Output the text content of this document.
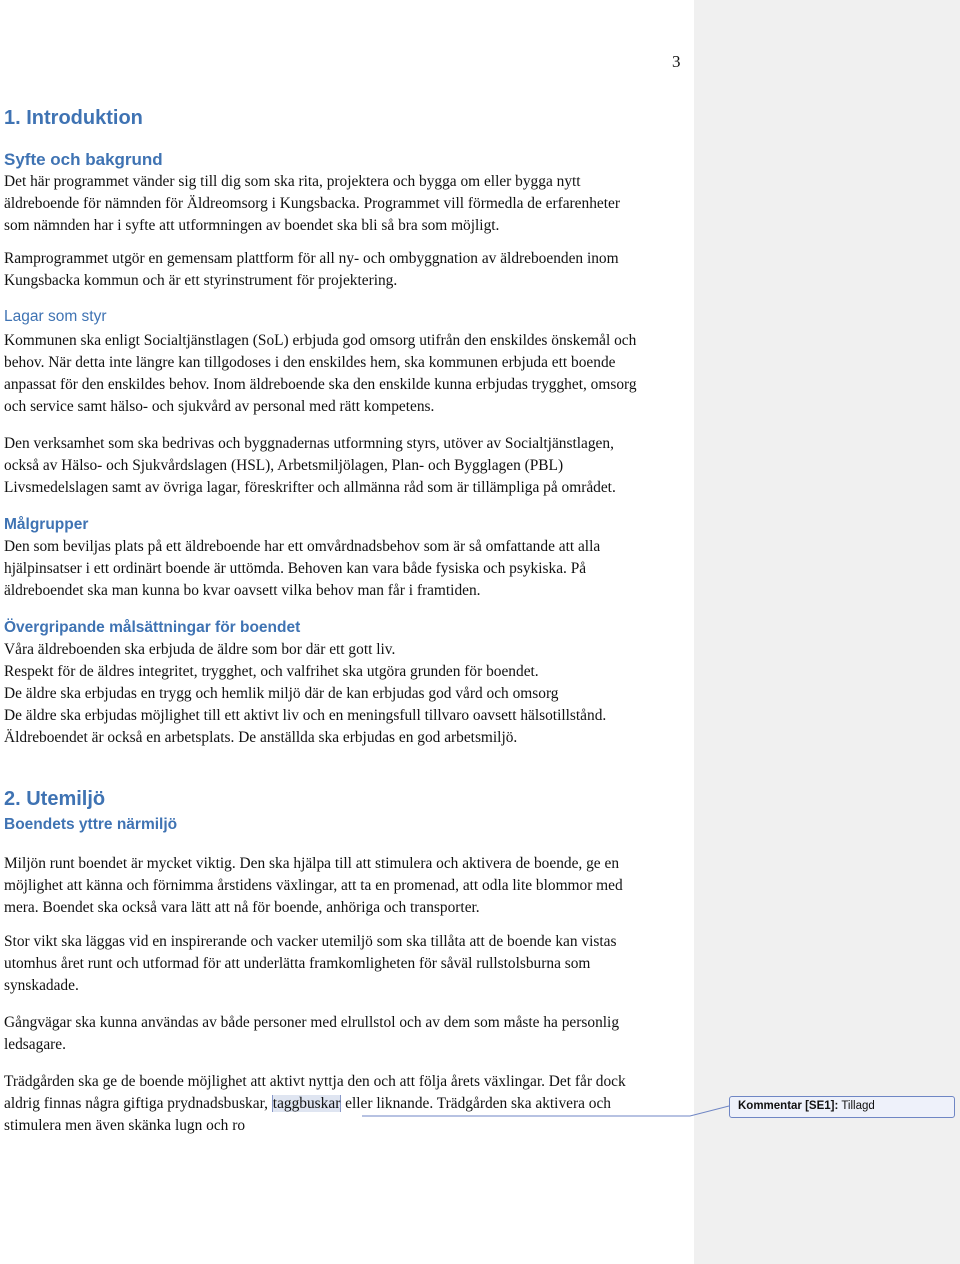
3
1. Introduktion
Syfte och bakgrund

Det här programmet vänder sig till dig som ska rita, projektera och bygga om eller bygga nytt
äldreboende för nämnden för Äldreomsorg i Kungsbacka. Programmet vill förmedla de erfarenheter
som nämnden har i syfte att utformningen av boendet ska bli så bra som möjligt.

Ramprogrammet utgör en gemensam plattform för all ny- och ombyggnation av äldreboenden inom
Kungsbacka kommun och är ett styrinstrument för projektering.

Lagar som styr

Kommunen ska enligt Socialtjänstlagen (SoL) erbjuda god omsorg utifrån den enskildes önskemål och
behov. När detta inte längre kan tillgodoses i den enskildes hem, ska kommunen erbjuda ett boende
anpassat för den enskildes behov. Inom äldreboende ska den enskilde kunna erbjudas trygghet, omsorg
och service samt hälso- och sjukvård av personal med rätt kompetens.

Den verksamhet som ska bedrivas och byggnadernas utformning styrs, utöver av Socialtjänstlagen,
också av Hälso- och Sjukvårdslagen (HSL), Arbetsmiljölagen, Plan- och Bygglagen (PBL)
Livsmedelslagen samt av övriga lagar, föreskrifter och allmänna råd som är tillämpliga på området.

Målgrupper

Den som beviljas plats på ett äldreboende har ett omvårdnadsbehov som är så omfattande att alla
hjälpinsatser i ett ordinärt boende är uttömda. Behoven kan vara både fysiska och psykiska. På
äldreboendet ska man kunna bo kvar oavsett vilka behov man får i framtiden.

Övergripande målsättningar för boendet

Våra äldreboenden ska erbjuda de äldre som bor där ett gott liv.
Respekt för de äldres integritet, trygghet, och valfrihet ska utgöra grunden för boendet.
De äldre ska erbjudas en trygg och hemlik miljö där de kan erbjudas god vård och omsorg
De äldre ska erbjudas möjlighet till ett aktivt liv och en meningsfull tillvaro oavsett hälsotillstånd.
Äldreboendet är också en arbetsplats. De anställda ska erbjudas en god arbetsmiljö.

2. Utemiljö
Boendets yttre närmiljö

Miljön runt boendet är mycket viktig. Den ska hjälpa till att stimulera och aktivera de boende, ge en
möjlighet att känna och förnimma årstidens växlingar, att ta en promenad, att odla lite blommor med
mera. Boendet ska också vara lätt att nå för boende, anhöriga och transporter.

Stor vikt ska läggas vid en inspirerande och vacker utemiljö som ska tillåta att de boende kan vistas
utomhus året runt och utformad för att underlätta framkomligheten för såväl rullstolsburna som
synskadade.

Gångvägar ska kunna användas av både personer med elrullstol och av dem som måste ha personlig
ledsagare.

Trädgården ska ge de boende möjlighet att aktivt nyttja den och att följa årets växlingar. Det får dock
aldrig finnas några giftiga prydnadsbuskar, taggbuskar eller liknande. Trädgården ska aktivera och
stimulera men även skänka lugn och ro

Kommentar [SE1]: Tillagd
